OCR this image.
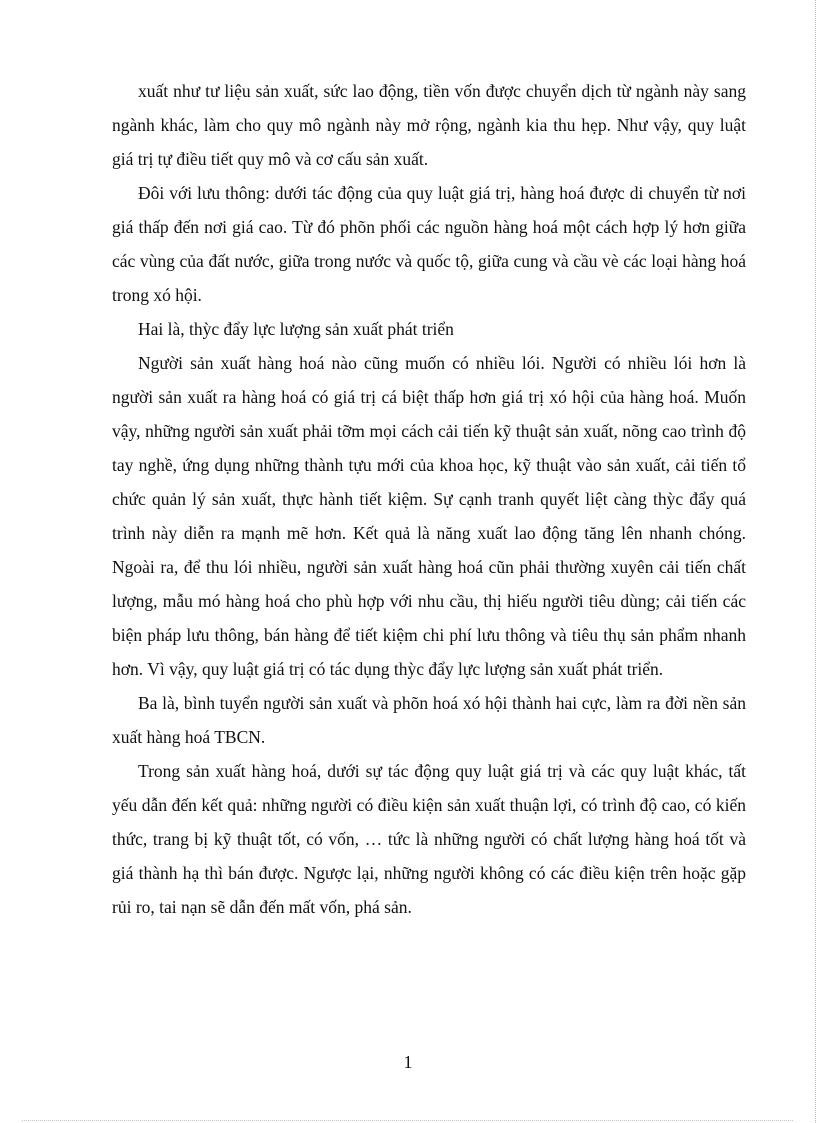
xuất như tư liệu sản xuất, sức lao động, tiền vốn được chuyển dịch từ ngành này sang ngành khác, làm cho quy mô ngành này mở rộng, ngành kia thu hẹp. Như vậy, quy luật giá trị tự điều tiết quy mô và cơ cấu sản xuất.

Đôi với lưu thông: dưới tác động của quy luật giá trị, hàng hoá được di chuyển từ nơi giá thấp đến nơi giá cao. Từ đó phõn phối các nguồn hàng hoá một cách hợp lý hơn giữa các vùng của đất nước, giữa trong nước và quốc tộ, giữa cung và cầu vè các loại hàng hoá trong xó hội.

Hai là, thỳc đẩy lực lượng sản xuất phát triển

Người sản xuất hàng hoá nào cũng muốn có nhiều lói. Người có nhiều lói hơn là người sản xuất ra hàng hoá có giá trị cá biệt thấp hơn giá trị xó hội của hàng hoá. Muốn vậy, những người sản xuất phải tỡm mọi cách cải tiến kỹ thuật sản xuất, nõng cao trình độ tay nghề, ứng dụng những thành tựu mới của khoa học, kỹ thuật vào sản xuất, cải tiến tổ chức quản lý sản xuất, thực hành tiết kiệm. Sự cạnh tranh quyết liệt càng thỳc đẩy quá trình này diễn ra mạnh mẽ hơn. Kết quả là năng xuất lao động tăng lên nhanh chóng. Ngoài ra, để thu lói nhiều, người sản xuất hàng hoá cũn phải thường xuyên cải tiến chất lượng, mẫu mó hàng hoá cho phù hợp với nhu cầu, thị hiếu người tiêu dùng; cải tiến các biện pháp lưu thông, bán hàng để tiết kiệm chi phí lưu thông và tiêu thụ sản phẩm nhanh hơn. Vì vậy, quy luật giá trị có tác dụng thỳc đẩy lực lượng sản xuất phát triển.

Ba là, bình tuyển người sản xuất và phõn hoá xó hội thành hai cực, làm ra đời nền sản xuất hàng hoá TBCN.

Trong sản xuất hàng hoá, dưới sự tác động quy luật giá trị và các quy luật khác, tất yếu dẫn đến kết quả: những người có điều kiện sản xuất thuận lợi, có trình độ cao, có kiến thức, trang bị kỹ thuật tốt, có vốn, … tức là những người có chất lượng hàng hoá tốt và giá thành hạ thì bán được. Ngược lại, những người không có các điều kiện trên hoặc gặp rủi ro, tai nạn sẽ dẫn đến mất vốn, phá sản.

1
